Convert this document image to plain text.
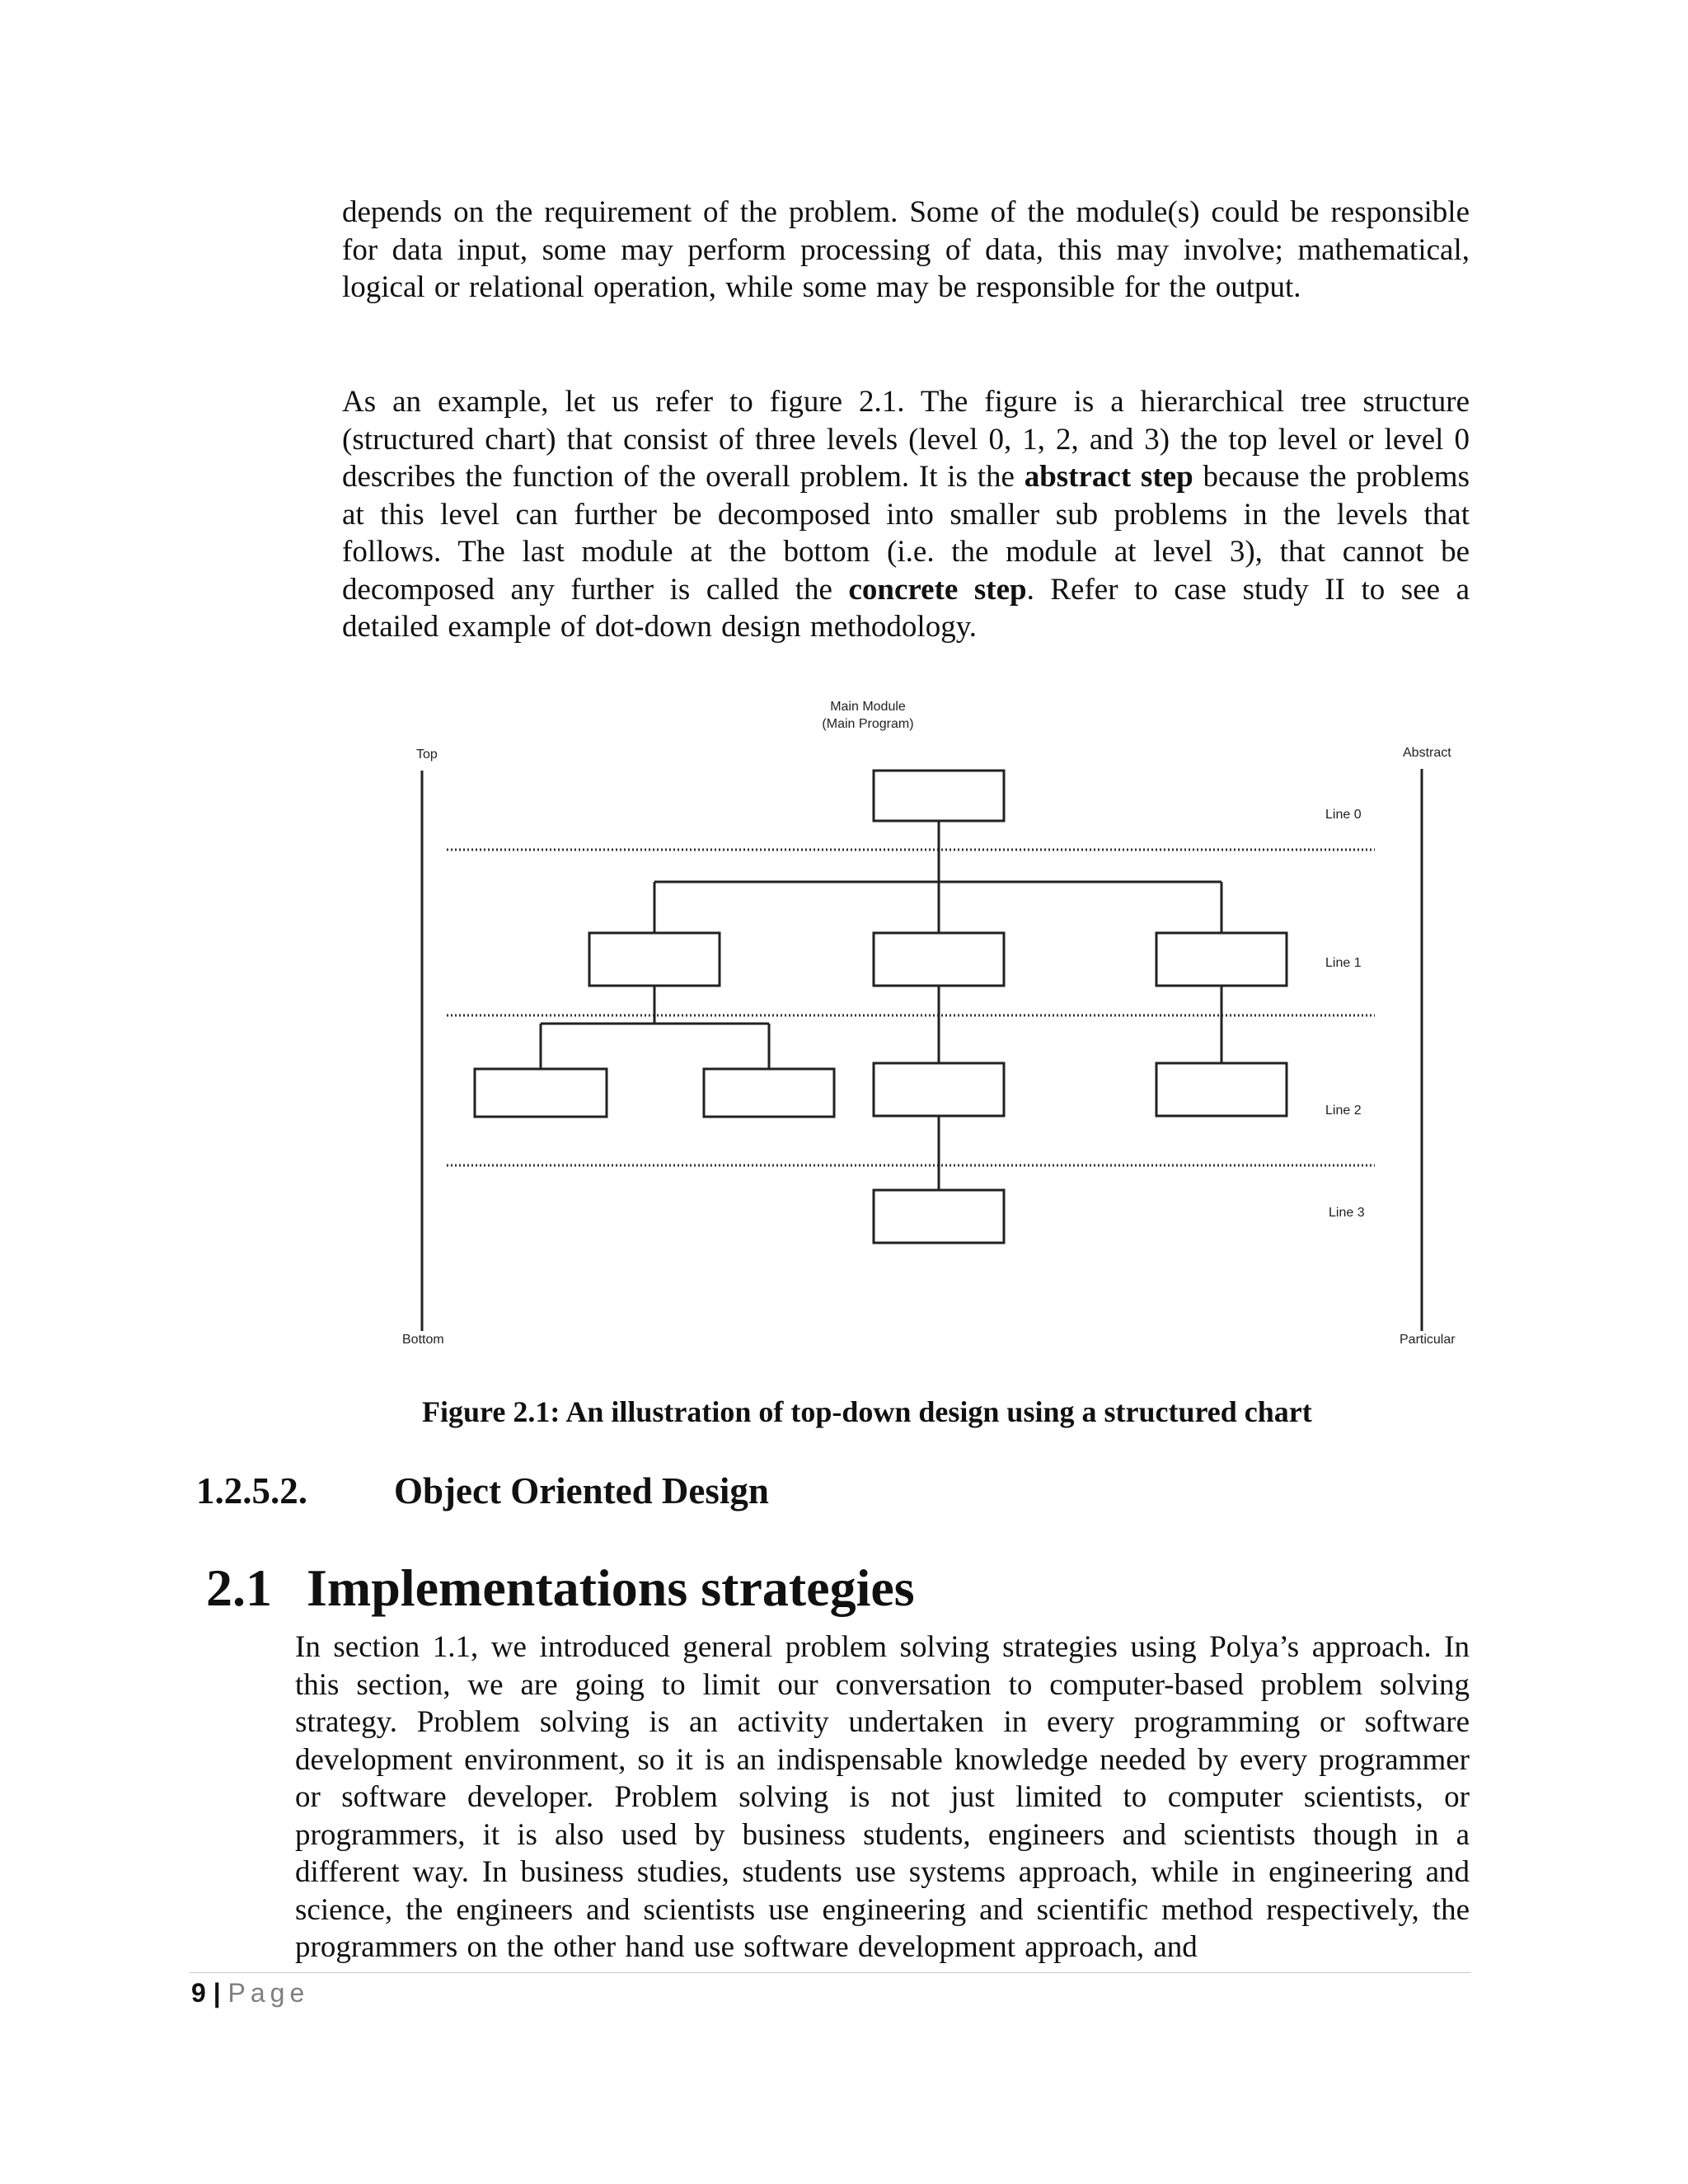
depends on the requirement of the problem. Some of the module(s) could be responsible for data input, some may perform processing of data, this may involve; mathematical, logical or relational operation, while some may be responsible for the output.

As an example, let us refer to figure 2.1. The figure is a hierarchical tree structure (structured chart) that consist of three levels (level 0, 1, 2, and 3) the top level or level 0 describes the function of the overall problem. It is the abstract step because the problems at this level can further be decomposed into smaller sub problems in the levels that follows. The last module at the bottom (i.e. the module at level 3), that cannot be decomposed any further is called the concrete step. Refer to case study II to see a detailed example of dot-down design methodology.

Main Module
(Main Program)
Top	Abstract
Bottom	Particular
Line 0
Line 1
Line 2
Line 3
Figure 2.1: An illustration of top-down design using a structured chart
1.2.5.2. Object Oriented Design
2.1 Implementations strategies

In section 1.1, we introduced general problem solving strategies using Polya’s approach. In this section, we are going to limit our conversation to computer-based problem solving strategy. Problem solving is an activity undertaken in every programming or software development environment, so it is an indispensable knowledge needed by every programmer or software developer. Problem solving is not just limited to computer scientists, or programmers, it is also used by business students, engineers and scientists though in a different way. In business studies, students use systems approach, while in engineering and science, the engineers and scientists use engineering and scientific method respectively, the programmers on the other hand use software development approach, and

9 | Page
